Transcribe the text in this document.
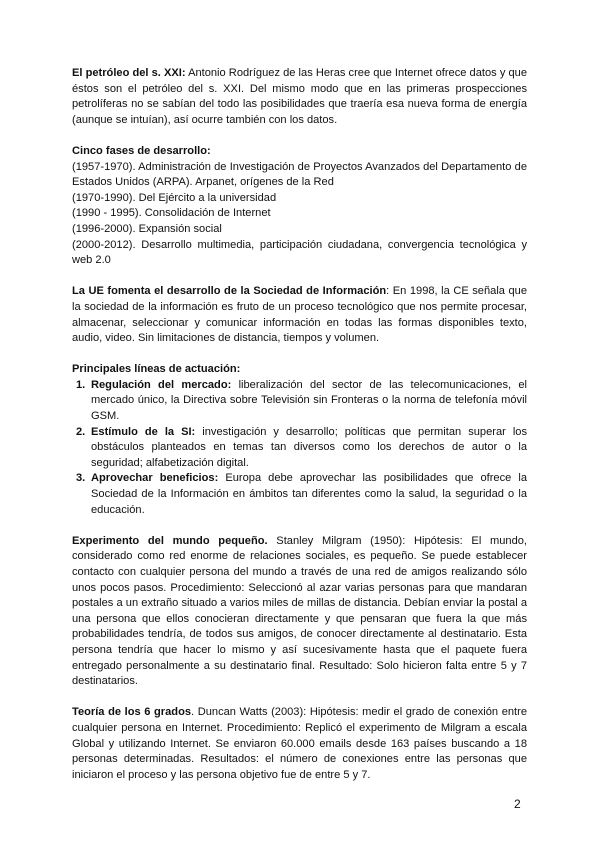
El petróleo del s. XXI: Antonio Rodríguez de las Heras cree que Internet ofrece datos y que éstos son el petróleo del s. XXI. Del mismo modo que en las primeras prospecciones petrolíferas no se sabían del todo las posibilidades que traería esa nueva forma de energía (aunque se intuían), así ocurre también con los datos.

Cinco fases de desarrollo:

(1957-1970). Administración de Investigación de Proyectos Avanzados del Departamento de Estados Unidos (ARPA). Arpanet, orígenes de la Red

(1970-1990). Del Ejército a la universidad

(1990 - 1995). Consolidación de Internet

(1996-2000). Expansión social

(2000-2012). Desarrollo multimedia, participación ciudadana, convergencia tecnológica y web 2.0

La UE fomenta el desarrollo de la Sociedad de Información: En 1998, la CE señala que la sociedad de la información es fruto de un proceso tecnológico que nos permite procesar, almacenar, seleccionar y comunicar información en todas las formas disponibles texto, audio, video. Sin limitaciones de distancia, tiempos y volumen.

Principales líneas de actuación:

1. Regulación del mercado: liberalización del sector de las telecomunicaciones, el mercado único, la Directiva sobre Televisión sin Fronteras o la norma de telefonía móvil GSM.
2. Estímulo de la SI: investigación y desarrollo; políticas que permitan superar los obstáculos planteados en temas tan diversos como los derechos de autor o la seguridad; alfabetización digital.
3. Aprovechar beneficios: Europa debe aprovechar las posibilidades que ofrece la Sociedad de la Información en ámbitos tan diferentes como la salud, la seguridad o la educación.

Experimento del mundo pequeño. Stanley Milgram (1950): Hipótesis: El mundo, considerado como red enorme de relaciones sociales, es pequeño. Se puede establecer contacto con cualquier persona del mundo a través de una red de amigos realizando sólo unos pocos pasos. Procedimiento: Seleccionó al azar varias personas para que mandaran postales a un extraño situado a varios miles de millas de distancia. Debían enviar la postal a una persona que ellos conocieran directamente y que pensaran que fuera la que más probabilidades tendría, de todos sus amigos, de conocer directamente al destinatario. Esta persona tendría que hacer lo mismo y así sucesivamente hasta que el paquete fuera entregado personalmente a su destinatario final. Resultado: Solo hicieron falta entre 5 y 7 destinatarios.

Teoría de los 6 grados. Duncan Watts (2003): Hipótesis: medir el grado de conexión entre cualquier persona en Internet. Procedimiento: Replicó el experimento de Milgram a escala Global y utilizando Internet. Se enviaron 60.000 emails desde 163 países buscando a 18 personas determinadas. Resultados: el número de conexiones entre las personas que iniciaron el proceso y las persona objetivo fue de entre 5 y 7.

2
